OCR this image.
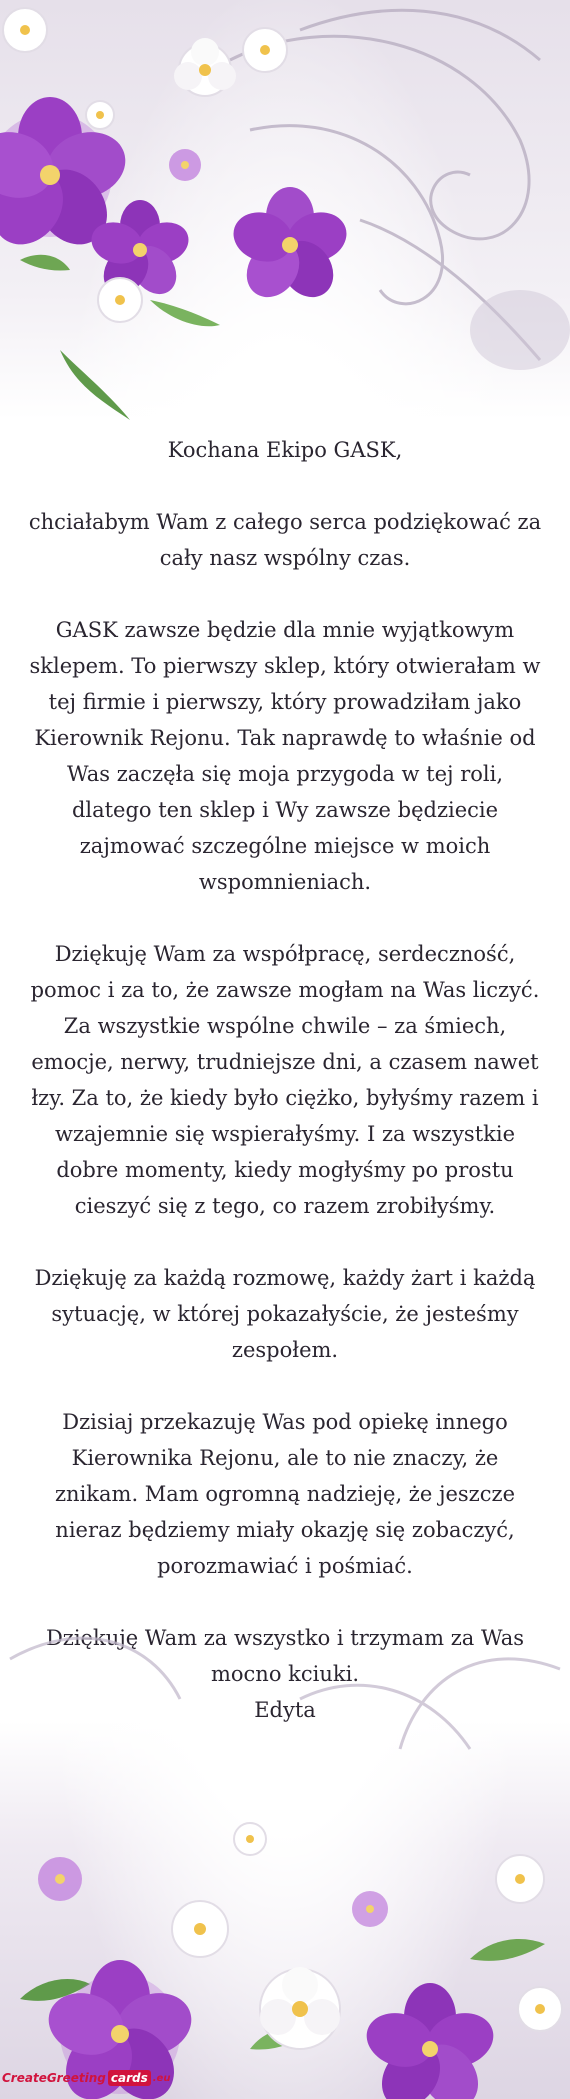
Kochana Ekipo GASK,

chciałabym Wam z całego serca podziękować za cały nasz wspólny czas.

GASK zawsze będzie dla mnie wyjątkowym sklepem. To pierwszy sklep, który otwierałam w tej firmie i pierwszy, który prowadziłam jako Kierownik Rejonu. Tak naprawdę to właśnie od Was zaczęła się moja przygoda w tej roli, dlatego ten sklep i Wy zawsze będziecie zajmować szczególne miejsce w moich wspomnieniach.

Dziękuję Wam za współpracę, serdeczność, pomoc i za to, że zawsze mogłam na Was liczyć. Za wszystkie wspólne chwile – za śmiech, emocje, nerwy, trudniejsze dni, a czasem nawet łzy. Za to, że kiedy było ciężko, byłyśmy razem i wzajemnie się wspierałyśmy. I za wszystkie dobre momenty, kiedy mogłyśmy po prostu cieszyć się z tego, co razem zrobiłyśmy.

Dziękuję za każdą rozmowę, każdy żart i każdą sytuację, w której pokazałyście, że jesteśmy zespołem.

Dzisiaj przekazuję Was pod opiekę innego Kierownika Rejonu, ale to nie znaczy, że znikam. Mam ogromną nadzieję, że jeszcze nieraz będziemy miały okazję się zobaczyć, porozmawiać i pośmiać.

Dziękuję Wam za wszystko i trzymam za Was mocno kciuki.

Edyta

CreateGreeting cards .eu
